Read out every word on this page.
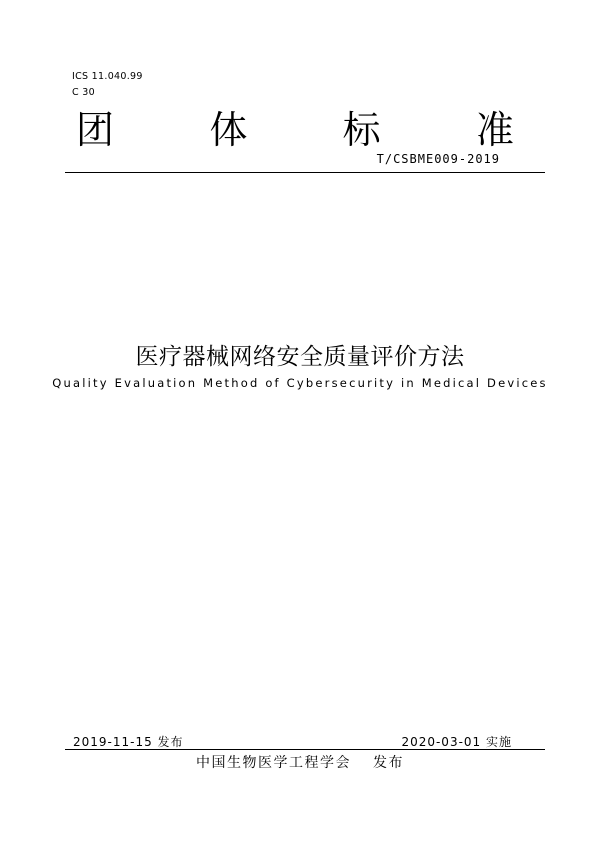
ICS 11.040.99
C 30
团	体	标	准
T/CSBME009-2019
医疗器械网络安全质量评价方法
Quality Evaluation Method of Cybersecurity in Medical Devices
2019-11-15 发布	2020-03-01 实施
中国生物医学工程学会 发布
